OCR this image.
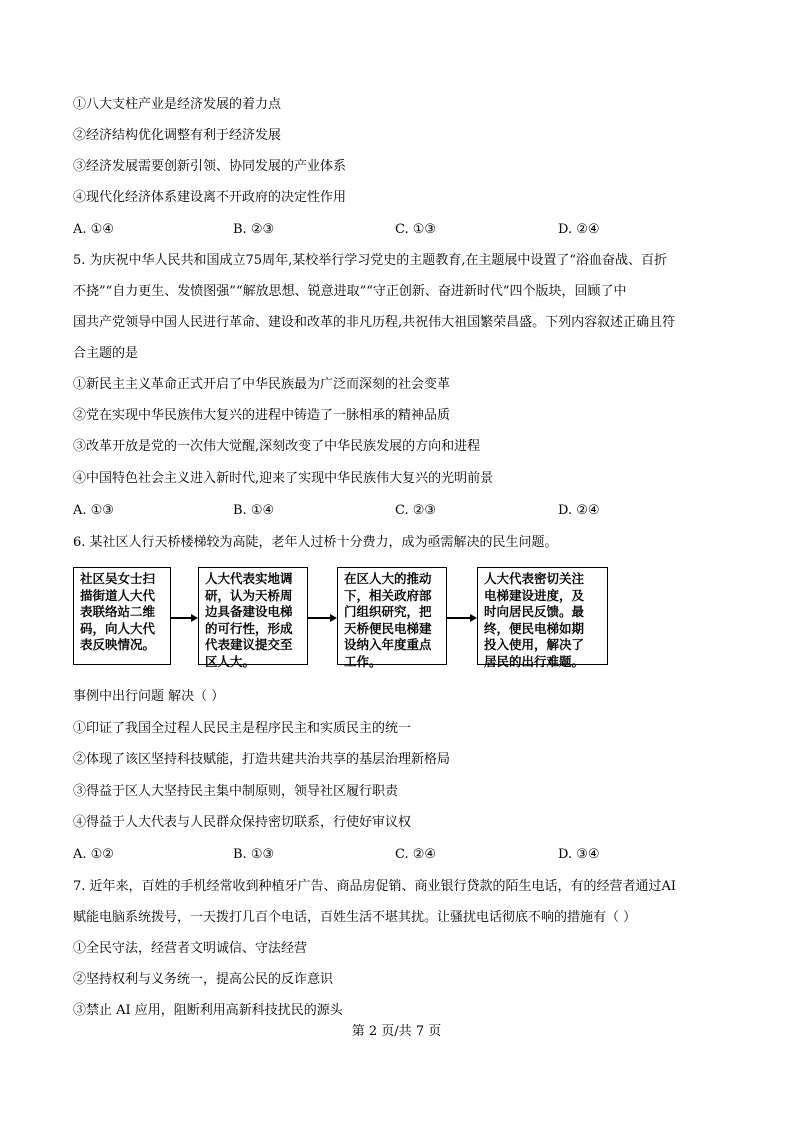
①八大支柱产业是经济发展的着力点
②经济结构优化调整有利于经济发展
③经济发展需要创新引领、协同发展的产业体系
④现代化经济体系建设离不开政府的决定性作用
A. ①④	B. ②③	C. ①③	D. ②④
5. 为庆祝中华人民共和国成立75周年,某校举行学习党史的主题教育,在主题展中设置了“浴血奋战、百折
不挠”“自力更生、发愤图强”“解放思想、锐意进取”“守正创新、奋进新时代”四个版块，回顾了中
国共产党领导中国人民进行革命、建设和改革的非凡历程,共祝伟大祖国繁荣昌盛。下列内容叙述正确且符
合主题的是
①新民主主义革命正式开启了中华民族最为广泛而深刻的社会变革
②党在实现中华民族伟大复兴的进程中铸造了一脉相承的精神品质
③改革开放是党的一次伟大觉醒,深刻改变了中华民族发展的方向和进程
④中国特色社会主义进入新时代,迎来了实现中华民族伟大复兴的光明前景
A. ①③	B. ①④	C. ②③	D. ②④
6. 某社区人行天桥楼梯较为高陡，老年人过桥十分费力，成为亟需解决的民生问题。
社区吴女士扫
描街道人大代
表联络站二维
码，向人大代
表反映情况。
人大代表实地调
研，认为天桥周
边具备建设电梯
的可行性，形成
代表建议提交至
区人大。
在区人大的推动
下，相关政府部
门组织研究，把
天桥便民电梯建
设纳入年度重点
工作。
人大代表密切关注
电梯建设进度，及
时向居民反馈。最
终，便民电梯如期
投入使用，解决了
居民的出行难题。
事例中出行问题 解决（ ）
①印证了我国全过程人民民主是程序民主和实质民主的统一
②体现了该区坚持科技赋能，打造共建共治共享的基层治理新格局
③得益于区人大坚持民主集中制原则，领导社区履行职责
④得益于人大代表与人民群众保持密切联系，行使好审议权
A. ①②	B. ①③	C. ②④	D. ③④
7. 近年来，百姓的手机经常收到种植牙广告、商品房促销、商业银行贷款的陌生电话，有的经营者通过AI
赋能电脑系统拨号，一天拨打几百个电话，百姓生活不堪其扰。让骚扰电话彻底不响的措施有（ ）
①全民守法，经营者文明诚信、守法经营
②坚持权利与义务统一，提高公民的反诈意识
③禁止 AI 应用，阻断利用高新科技扰民的源头
第 2 页/共 7 页
